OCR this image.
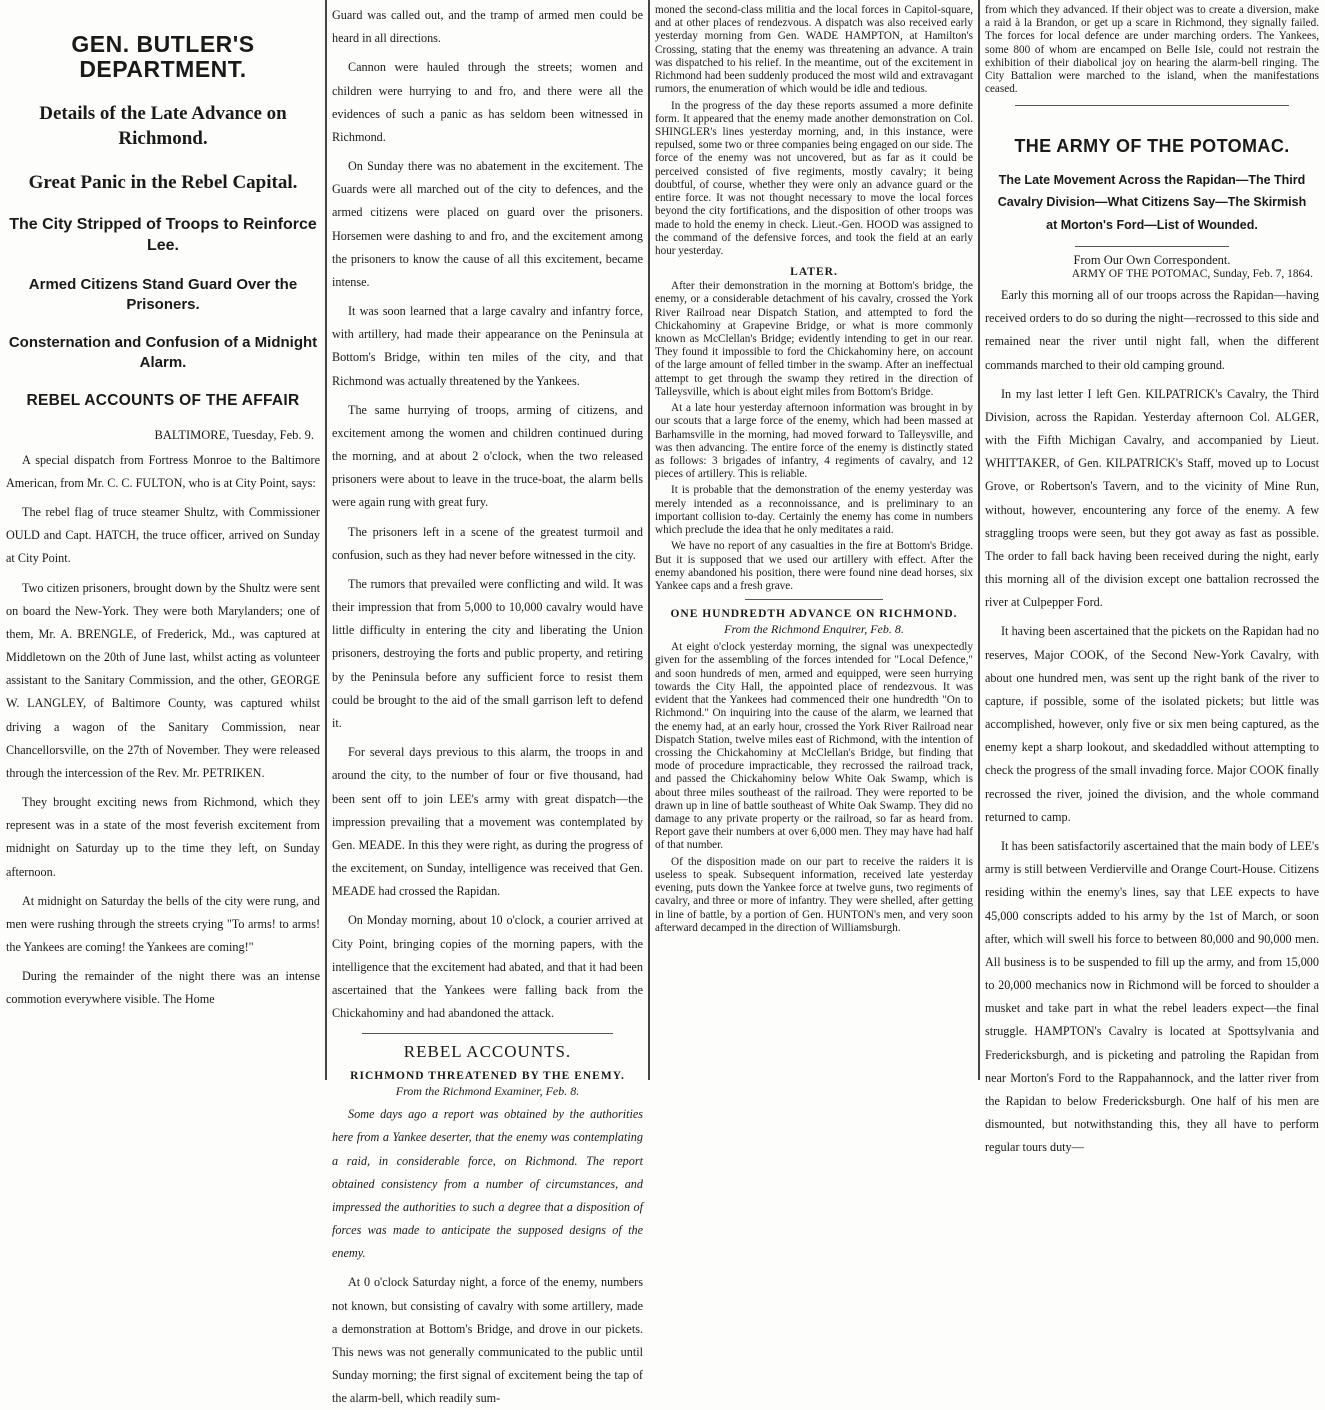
GEN. BUTLER'S DEPARTMENT.
Details of the Late Advance on Richmond.
Great Panic in the Rebel Capital.
The City Stripped of Troops to Reinforce Lee.
Armed Citizens Stand Guard Over the Prisoners.
Consternation and Confusion of a Midnight Alarm.
REBEL ACCOUNTS OF THE AFFAIR
BALTIMORE, Tuesday, Feb. 9.

A special dispatch from Fortress Monroe to the Baltimore American, from Mr. C. C. FULTON, who is at City Point, says:

The rebel flag of truce steamer Shultz, with Commissioner OULD and Capt. HATCH, the truce officer, arrived on Sunday at City Point.

Two citizen prisoners, brought down by the Shultz were sent on board the New-York. They were both Marylanders; one of them, Mr. A. BRENGLE, of Frederick, Md., was captured at Middletown on the 20th of June last, whilst acting as volunteer assistant to the Sanitary Commission, and the other, GEORGE W. LANGLEY, of Baltimore County, was captured whilst driving a wagon of the Sanitary Commission, near Chancellorsville, on the 27th of November. They were released through the intercession of the Rev. Mr. PETRIKEN.

They brought exciting news from Richmond, which they represent was in a state of the most feverish excitement from midnight on Saturday up to the time they left, on Sunday afternoon.

At midnight on Saturday the bells of the city were rung, and men were rushing through the streets crying "To arms! to arms! the Yankees are coming! the Yankees are coming!"

During the remainder of the night there was an intense commotion everywhere visible. The Home

Guard was called out, and the tramp of armed men could be heard in all directions.

Cannon were hauled through the streets; women and children were hurrying to and fro, and there were all the evidences of such a panic as has seldom been witnessed in Richmond.

On Sunday there was no abatement in the excitement. The Guards were all marched out of the city to defences, and the armed citizens were placed on guard over the prisoners. Horsemen were dashing to and fro, and the excitement among the prisoners to know the cause of all this excitement, became intense.

It was soon learned that a large cavalry and infantry force, with artillery, had made their appearance on the Peninsula at Bottom's Bridge, within ten miles of the city, and that Richmond was actually threatened by the Yankees.

The same hurrying of troops, arming of citizens, and excitement among the women and children continued during the morning, and at about 2 o'clock, when the two released prisoners were about to leave in the truce-boat, the alarm bells were again rung with great fury.

The prisoners left in a scene of the greatest turmoil and confusion, such as they had never before witnessed in the city.

The rumors that prevailed were conflicting and wild. It was their impression that from 5,000 to 10,000 cavalry would have little difficulty in entering the city and liberating the Union prisoners, destroying the forts and public property, and retiring by the Peninsula before any sufficient force to resist them could be brought to the aid of the small garrison left to defend it.

For several days previous to this alarm, the troops in and around the city, to the number of four or five thousand, had been sent off to join LEE's army with great dispatch—the impression prevailing that a movement was contemplated by Gen. MEADE. In this they were right, as during the progress of the excitement, on Sunday, intelligence was received that Gen. MEADE had crossed the Rapidan.

On Monday morning, about 10 o'clock, a courier arrived at City Point, bringing copies of the morning papers, with the intelligence that the excitement had abated, and that it had been ascertained that the Yankees were falling back from the Chickahominy and had abandoned the attack.

REBEL ACCOUNTS.
RICHMOND THREATENED BY THE ENEMY.
From the Richmond Examiner, Feb. 8.

Some days ago a report was obtained by the authorities here from a Yankee deserter, that the enemy was contemplating a raid, in considerable force, on Richmond. The report obtained consistency from a number of circumstances, and impressed the authorities to such a degree that a disposition of forces was made to anticipate the supposed designs of the enemy.

At 0 o'clock Saturday night, a force of the enemy, numbers not known, but consisting of cavalry with some artillery, made a demonstration at Bottom's Bridge, and drove in our pickets. This news was not generally communicated to the public until Sunday morning; the first signal of excitement being the tap of the alarm-bell, which readily sum-

moned the second-class militia and the local forces in Capitol-square, and at other places of rendezvous. A dispatch was also received early yesterday morning from Gen. WADE HAMPTON, at Hamilton's Crossing, stating that the enemy was threatening an advance. A train was dispatched to his relief. In the meantime, out of the excitement in Richmond had been suddenly produced the most wild and extravagant rumors, the enumeration of which would be idle and tedious.

In the progress of the day these reports assumed a more definite form. It appeared that the enemy made another demonstration on Col. SHINGLER's lines yesterday morning, and, in this instance, were repulsed, some two or three companies being engaged on our side. The force of the enemy was not uncovered, but as far as it could be perceived consisted of five regiments, mostly cavalry; it being doubtful, of course, whether they were only an advance guard or the entire force. It was not thought necessary to move the local forces beyond the city fortifications, and the disposition of other troops was made to hold the enemy in check. Lieut.-Gen. HOOD was assigned to the command of the defensive forces, and took the field at an early hour yesterday.

LATER.

After their demonstration in the morning at Bottom's bridge, the enemy, or a considerable detachment of his cavalry, crossed the York River Railroad near Dispatch Station, and attempted to ford the Chickahominy at Grapevine Bridge, or what is more commonly known as McClellan's Bridge; evidently intending to get in our rear. They found it impossible to ford the Chickahominy here, on account of the large amount of felled timber in the swamp. After an ineffectual attempt to get through the swamp they retired in the direction of Talleysville, which is about eight miles from Bottom's Bridge.

At a late hour yesterday afternoon information was brought in by our scouts that a large force of the enemy, which had been massed at Barhamsville in the morning, had moved forward to Talleysville, and was then advancing. The entire force of the enemy is distinctly stated as follows: 3 brigades of infantry, 4 regiments of cavalry, and 12 pieces of artillery. This is reliable.

It is probable that the demonstration of the enemy yesterday was merely intended as a reconnoissance, and is preliminary to an important collision to-day. Certainly the enemy has come in numbers which preclude the idea that he only meditates a raid.

We have no report of any casualties in the fire at Bottom's Bridge. But it is supposed that we used our artillery with effect. After the enemy abandoned his position, there were found nine dead horses, six Yankee caps and a fresh grave.

ONE HUNDREDTH ADVANCE ON RICHMOND.
From the Richmond Enquirer, Feb. 8.

At eight o'clock yesterday morning, the signal was unexpectedly given for the assembling of the forces intended for "Local Defence," and soon hundreds of men, armed and equipped, were seen hurrying towards the City Hall, the appointed place of rendezvous. It was evident that the Yankees had commenced their one hundredth "On to Richmond." On inquiring into the cause of the alarm, we learned that the enemy had, at an early hour, crossed the York River Railroad near Dispatch Station, twelve miles east of Richmond, with the intention of crossing the Chickahominy at McClellan's Bridge, but finding that mode of procedure impracticable, they recrossed the railroad track, and passed the Chickahominy below White Oak Swamp, which is about three miles southeast of the railroad. They were reported to be drawn up in line of battle southeast of White Oak Swamp. They did no damage to any private property or the railroad, so far as heard from. Report gave their numbers at over 6,000 men. They may have had half of that number.

Of the disposition made on our part to receive the raiders it is useless to speak. Subsequent information, received late yesterday evening, puts down the Yankee force at twelve guns, two regiments of cavalry, and three or more of infantry. They were shelled, after getting in line of battle, by a portion of Gen. HUNTON's men, and very soon afterward decamped in the direction of Williamsburgh.

from which they advanced. If their object was to create a diversion, make a raid à la Brandon, or get up a scare in Richmond, they signally failed. The forces for local defence are under marching orders. The Yankees, some 800 of whom are encamped on Belle Isle, could not restrain the exhibition of their diabolical joy on hearing the alarm-bell ringing. The City Battalion were marched to the island, when the manifestations ceased.

THE ARMY OF THE POTOMAC.
The Late Movement Across the Rapidan—The Third Cavalry Division—What Citizens Say—The Skirmish at Morton's Ford—List of Wounded.
From Our Own Correspondent.
ARMY OF THE POTOMAC, Sunday, Feb. 7, 1864.

Early this morning all of our troops across the Rapidan—having received orders to do so during the night—recrossed to this side and remained near the river until night fall, when the different commands marched to their old camping ground.

In my last letter I left Gen. KILPATRICK's Cavalry, the Third Division, across the Rapidan. Yesterday afternoon Col. ALGER, with the Fifth Michigan Cavalry, and accompanied by Lieut. WHITTAKER, of Gen. KILPATRICK's Staff, moved up to Locust Grove, or Robertson's Tavern, and to the vicinity of Mine Run, without, however, encountering any force of the enemy. A few straggling troops were seen, but they got away as fast as possible. The order to fall back having been received during the night, early this morning all of the division except one battalion recrossed the river at Culpepper Ford.

It having been ascertained that the pickets on the Rapidan had no reserves, Major COOK, of the Second New-York Cavalry, with about one hundred men, was sent up the right bank of the river to capture, if possible, some of the isolated pickets; but little was accomplished, however, only five or six men being captured, as the enemy kept a sharp lookout, and skedaddled without attempting to check the progress of the small invading force. Major COOK finally recrossed the river, joined the division, and the whole command returned to camp.

It has been satisfactorily ascertained that the main body of LEE's army is still between Verdierville and Orange Court-House. Citizens residing within the enemy's lines, say that LEE expects to have 45,000 conscripts added to his army by the 1st of March, or soon after, which will swell his force to between 80,000 and 90,000 men. All business is to be suspended to fill up the army, and from 15,000 to 20,000 mechanics now in Richmond will be forced to shoulder a musket and take part in what the rebel leaders expect—the final struggle. HAMPTON's Cavalry is located at Spottsylvania and Fredericksburgh, and is picketing and patroling the Rapidan from near Morton's Ford to the Rappahannock, and the latter river from the Rapidan to below Fredericksburgh. One half of his men are dismounted, but notwithstanding this, they all have to perform regular tours duty—
